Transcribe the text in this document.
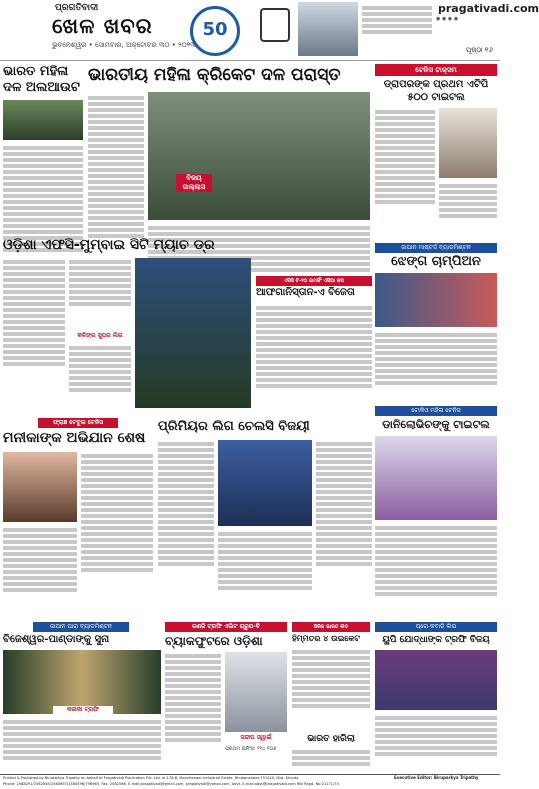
ପ୍ରଗତିବାଦୀ
ଖେଳ ଖବର
ଭୁବନେଶ୍ୱର • ସୋମବାର, ଅକ୍ଟୋବର ୩୦ • ୨୦୨୩
50
pragativadi.com
◉ ◉ ◉ ◉
ପୃଷ୍ଠା ୧୬
ଭାରତ ମହିଳା ଦଳ ଅଲଆଉଟ
ଭାରତୀୟ ମହିଳା କ୍ରିକେଟ ଦଳ ପରାସ୍ତ
ବିଜୟ ଉଲ୍ଲାସ
ଟେନିସ ଟାକ୍ସମ
ଡ୍ରାପରଙ୍କ ପ୍ରଥମ ଏଟିପି ୫୦୦ ଟାଇଟଲ
ଜାପାନ ମାଷ୍ଟର୍ସ ବ୍ୟାଡମିଣ୍ଟନ
ଝେଙ୍ଗ ଚାମ୍ପିଅନ
ଓଡ଼ିଶା ଏଫସି-ମୁମ୍ବାଇ ସିଟି ମ୍ୟାଚ ଡ୍ର
କଳିଙ୍ଗ ସୁପର ଲିଗ
ଏସିସି ଟି-୨୦ ଇମର୍ଜିଂ ଏସିଆ କପ
ଆଫଗାନିସ୍ତାନ-ଏ ବିଜେତା
ଫ୍ରାଞ୍ଚ ଟେବୁଲ ଟେନିସ
ମନୀକାଙ୍କ ଅଭିଯାନ ଶେଷ
ପ୍ରିମିୟର ଲିଗ ଚେଲସି ବିଜୟୀ
ଟୋକିଓ ମହିଳା ଟେନିସ
ଡାନିଲୋଭିଚଙ୍କୁ ଟାଇଟଲ
ଜାପାନ ପାରା ବ୍ୟାଡମିଣ୍ଟନ
ବିଜେଶ୍ୱର-ପାଣ୍ଡାଙ୍କୁ ସୁନା
କଳାକା ଟ୍ରଫି
ରଣଜି ଟ୍ରଫି ଏଲିଟ ଗ୍ରୁପ-ବି
ବ୍ୟାକଫୁଟରେ ଓଡ଼ିଶା
ସନ୍ଦୀପ ସ୍ୱାଇଁ
ପ୍ରଥମ ଇନିଂସ: ୨୧୪ ୧୦୬
ସିରିଜ ଭାରତ ଲିଡ
ହିମ୍ମତର ୪ ଉଇକେଟ
ଭାରତ ହାରିଲା
ପ୍ରୋ-କବାଡି ଲିଗ
ୟୁପି ଯୋଦ୍ଧାଙ୍କ ଟ୍ରଫି ବିଜୟ
Printed & Published by Biruparkya Tripathy on behalf of Pragativadi Publication Pvt. Ltd. at 178-B, Mancheswar Industrial Estate, Bhubaneswar-751010, Dist. Khurda
Phone: 2588291/2582858/2580897/2584596/798965, Fax: 2582586, E-mail:pragativadi@gmail.com, pragativadi@yahoo.com, Advt. E-mail:advt@pragativadi.com RNI Regd. No:21271/75
Executive Editor: Biruparkya Tripathy
